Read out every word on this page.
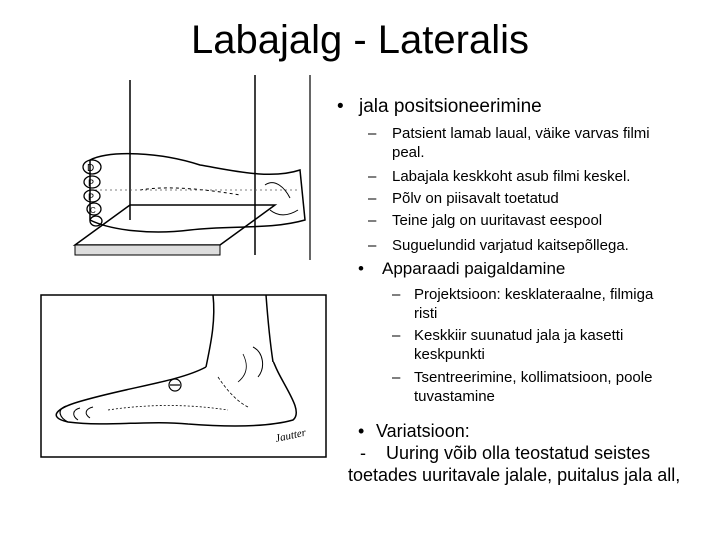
Labajalg - Lateralis
D
P
P
C
Jautter

• jala positsioneerimine

– Patsient lamab laual, väike varvas filmi
peal.
– Labajala keskkoht asub filmi keskel.
– Põlv on piisavalt toetatud
– Teine jalg on uuritavast eespool
– Suguelundid varjatud kaitsepõllega.

• Apparaadi paigaldamine

– Projektsioon: kesklateraalne, filmiga
risti
– Keskkiir suunatud jala ja kasetti
keskpunkti
– Tsentreerimine, kollimatsioon, poole
tuvastamine
• Variatsioon:
-    Uuring võib olla teostatud seistes
toetades uuritavale jalale, puitalus jala all,
